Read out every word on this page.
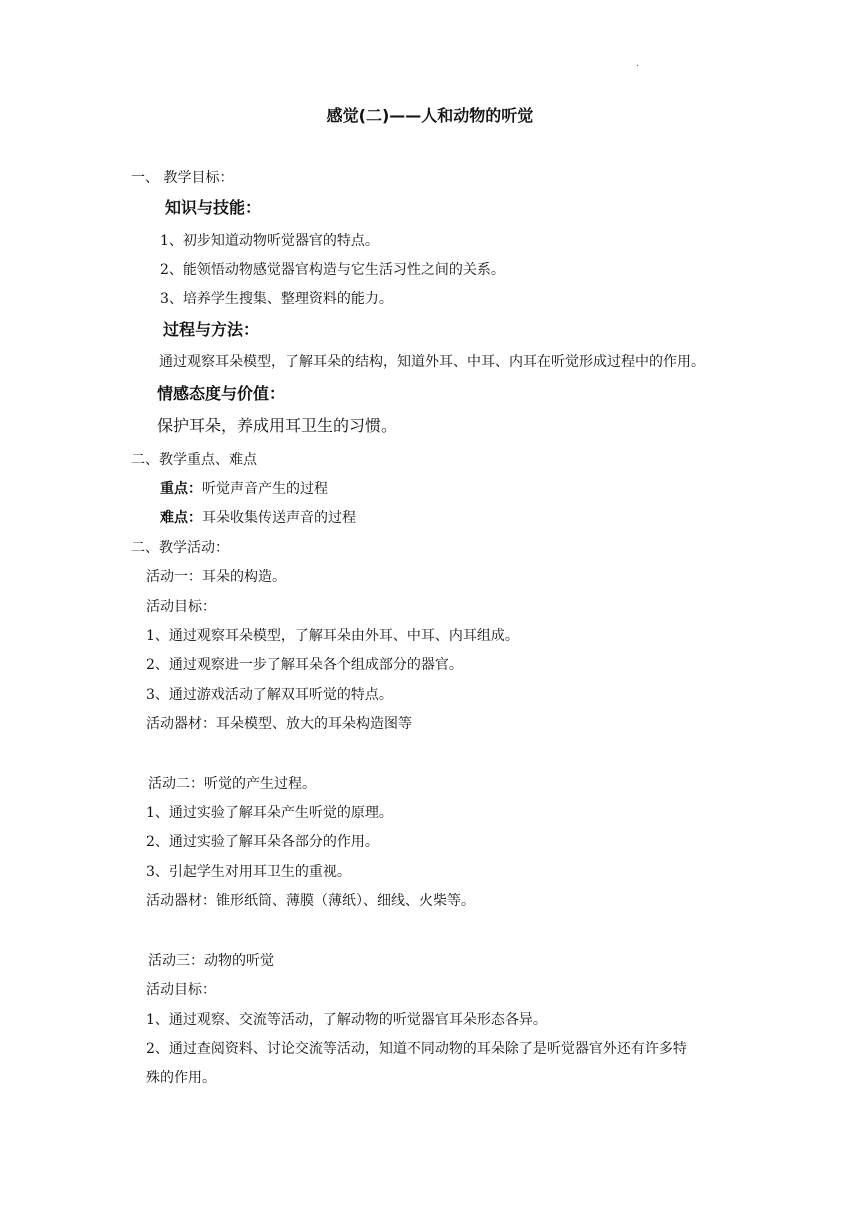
.
感觉(二)——人和动物的听觉
一、 教学目标：
知识与技能：
1、初步知道动物听觉器官的特点。
2、能领悟动物感觉器官构造与它生活习性之间的关系。
3、培养学生搜集、整理资料的能力。
过程与方法：
通过观察耳朵模型，了解耳朵的结构，知道外耳、中耳、内耳在听觉形成过程中的作用。
情感态度与价值：
保护耳朵，养成用耳卫生的习惯。
二、教学重点、难点
重点：听觉声音产生的过程
难点：耳朵收集传送声音的过程
二、教学活动：
活动一：耳朵的构造。
活动目标：
1、通过观察耳朵模型，了解耳朵由外耳、中耳、内耳组成。
2、通过观察进一步了解耳朵各个组成部分的器官。
3、通过游戏活动了解双耳听觉的特点。
活动器材：耳朵模型、放大的耳朵构造图等
活动二：听觉的产生过程。
1、通过实验了解耳朵产生听觉的原理。
2、通过实验了解耳朵各部分的作用。
3、引起学生对用耳卫生的重视。
活动器材：锥形纸筒、薄膜（薄纸）、细线、火柴等。
活动三：动物的听觉
活动目标：
1、通过观察、交流等活动，了解动物的听觉器官耳朵形态各异。
2、通过查阅资料、讨论交流等活动，知道不同动物的耳朵除了是听觉器官外还有许多特
殊的作用。
